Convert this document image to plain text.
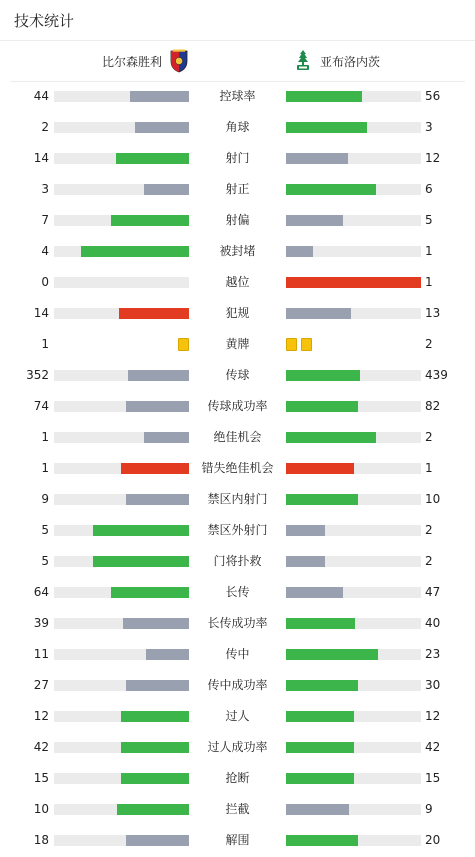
技术统计
比尔森胜利	亚布洛内茨
44	控球率	56
2	角球	3
14	射门	12
3	射正	6
7	射偏	5
4	被封堵	1
0	越位	1
14	犯规	13
1	黄牌	2
352	传球	439
74	传球成功率	82
1	绝佳机会	2
1	错失绝佳机会	1
9	禁区内射门	10
5	禁区外射门	2
5	门将扑救	2
64	长传	47
39	长传成功率	40
11	传中	23
27	传中成功率	30
12	过人	12
42	过人成功率	42
15	抢断	15
10	拦截	9
18	解围	20
